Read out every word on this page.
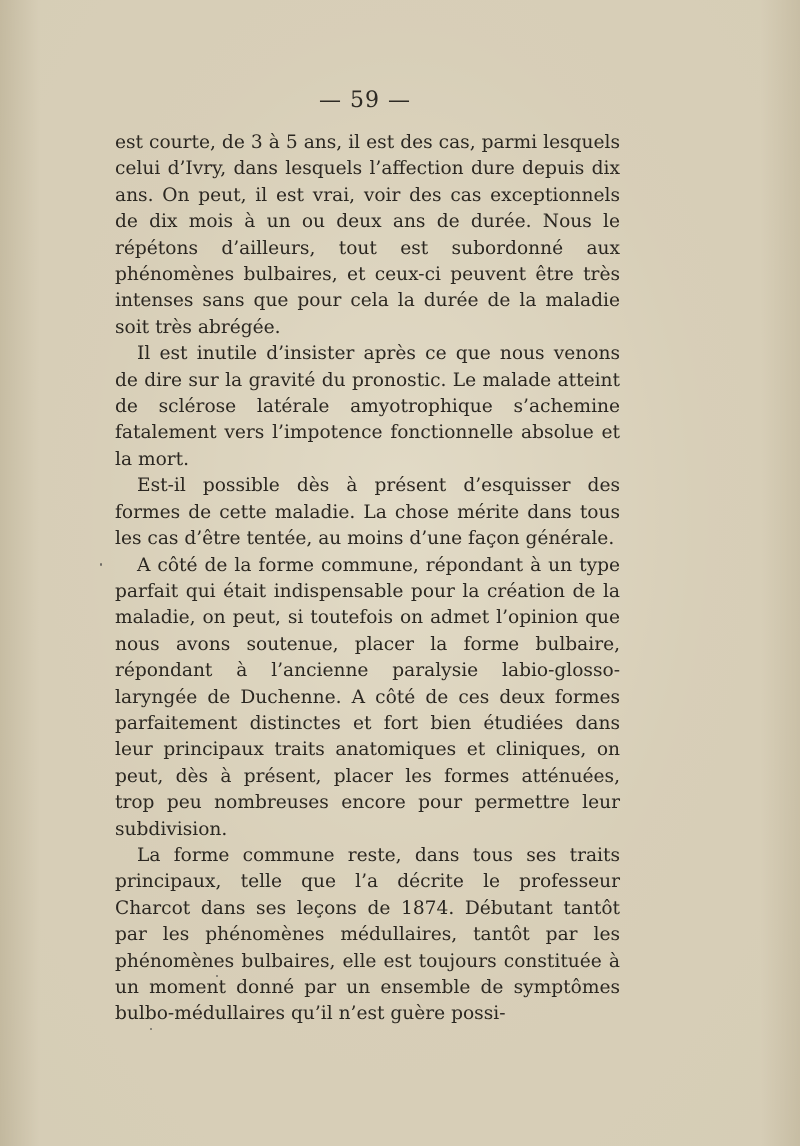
— 59 —

est courte, de 3 à 5 ans, il est des cas, parmi lesquels celui d’Ivry, dans lesquels l’affection dure depuis dix ans. On peut, il est vrai, voir des cas exceptionnels de dix mois à un ou deux ans de durée. Nous le répétons d’ailleurs, tout est subordonné aux phénomènes bulbaires, et ceux-ci peuvent être très intenses sans que pour cela la durée de la maladie soit très abrégée.

Il est inutile d’insister après ce que nous venons de dire sur la gravité du pronostic. Le malade atteint de sclérose latérale amyotrophique s’achemine fatalement vers l’impotence fonctionnelle absolue et la mort.

Est-il possible dès à présent d’esquisser des formes de cette maladie. La chose mérite dans tous les cas d’être tentée, au moins d’une façon générale.

A côté de la forme commune, répondant à un type parfait qui était indispensable pour la création de la maladie, on peut, si toutefois on admet l’opinion que nous avons soutenue, placer la forme bulbaire, répondant à l’ancienne paralysie labio-glosso-laryngée de Duchenne. A côté de ces deux formes parfaitement distinctes et fort bien étudiées dans leur principaux traits anatomiques et cliniques, on peut, dès à présent, placer les formes atténuées, trop peu nombreuses encore pour permettre leur subdivision.

La forme commune reste, dans tous ses traits principaux, telle que l’a décrite le professeur Charcot dans ses leçons de 1874. Débutant tantôt par les phénomènes médullaires, tantôt par les phénomènes bulbaires, elle est toujours constituée à un moment donné par un ensemble de symptômes bulbo-médullaires qu’il n’est guère possi-
